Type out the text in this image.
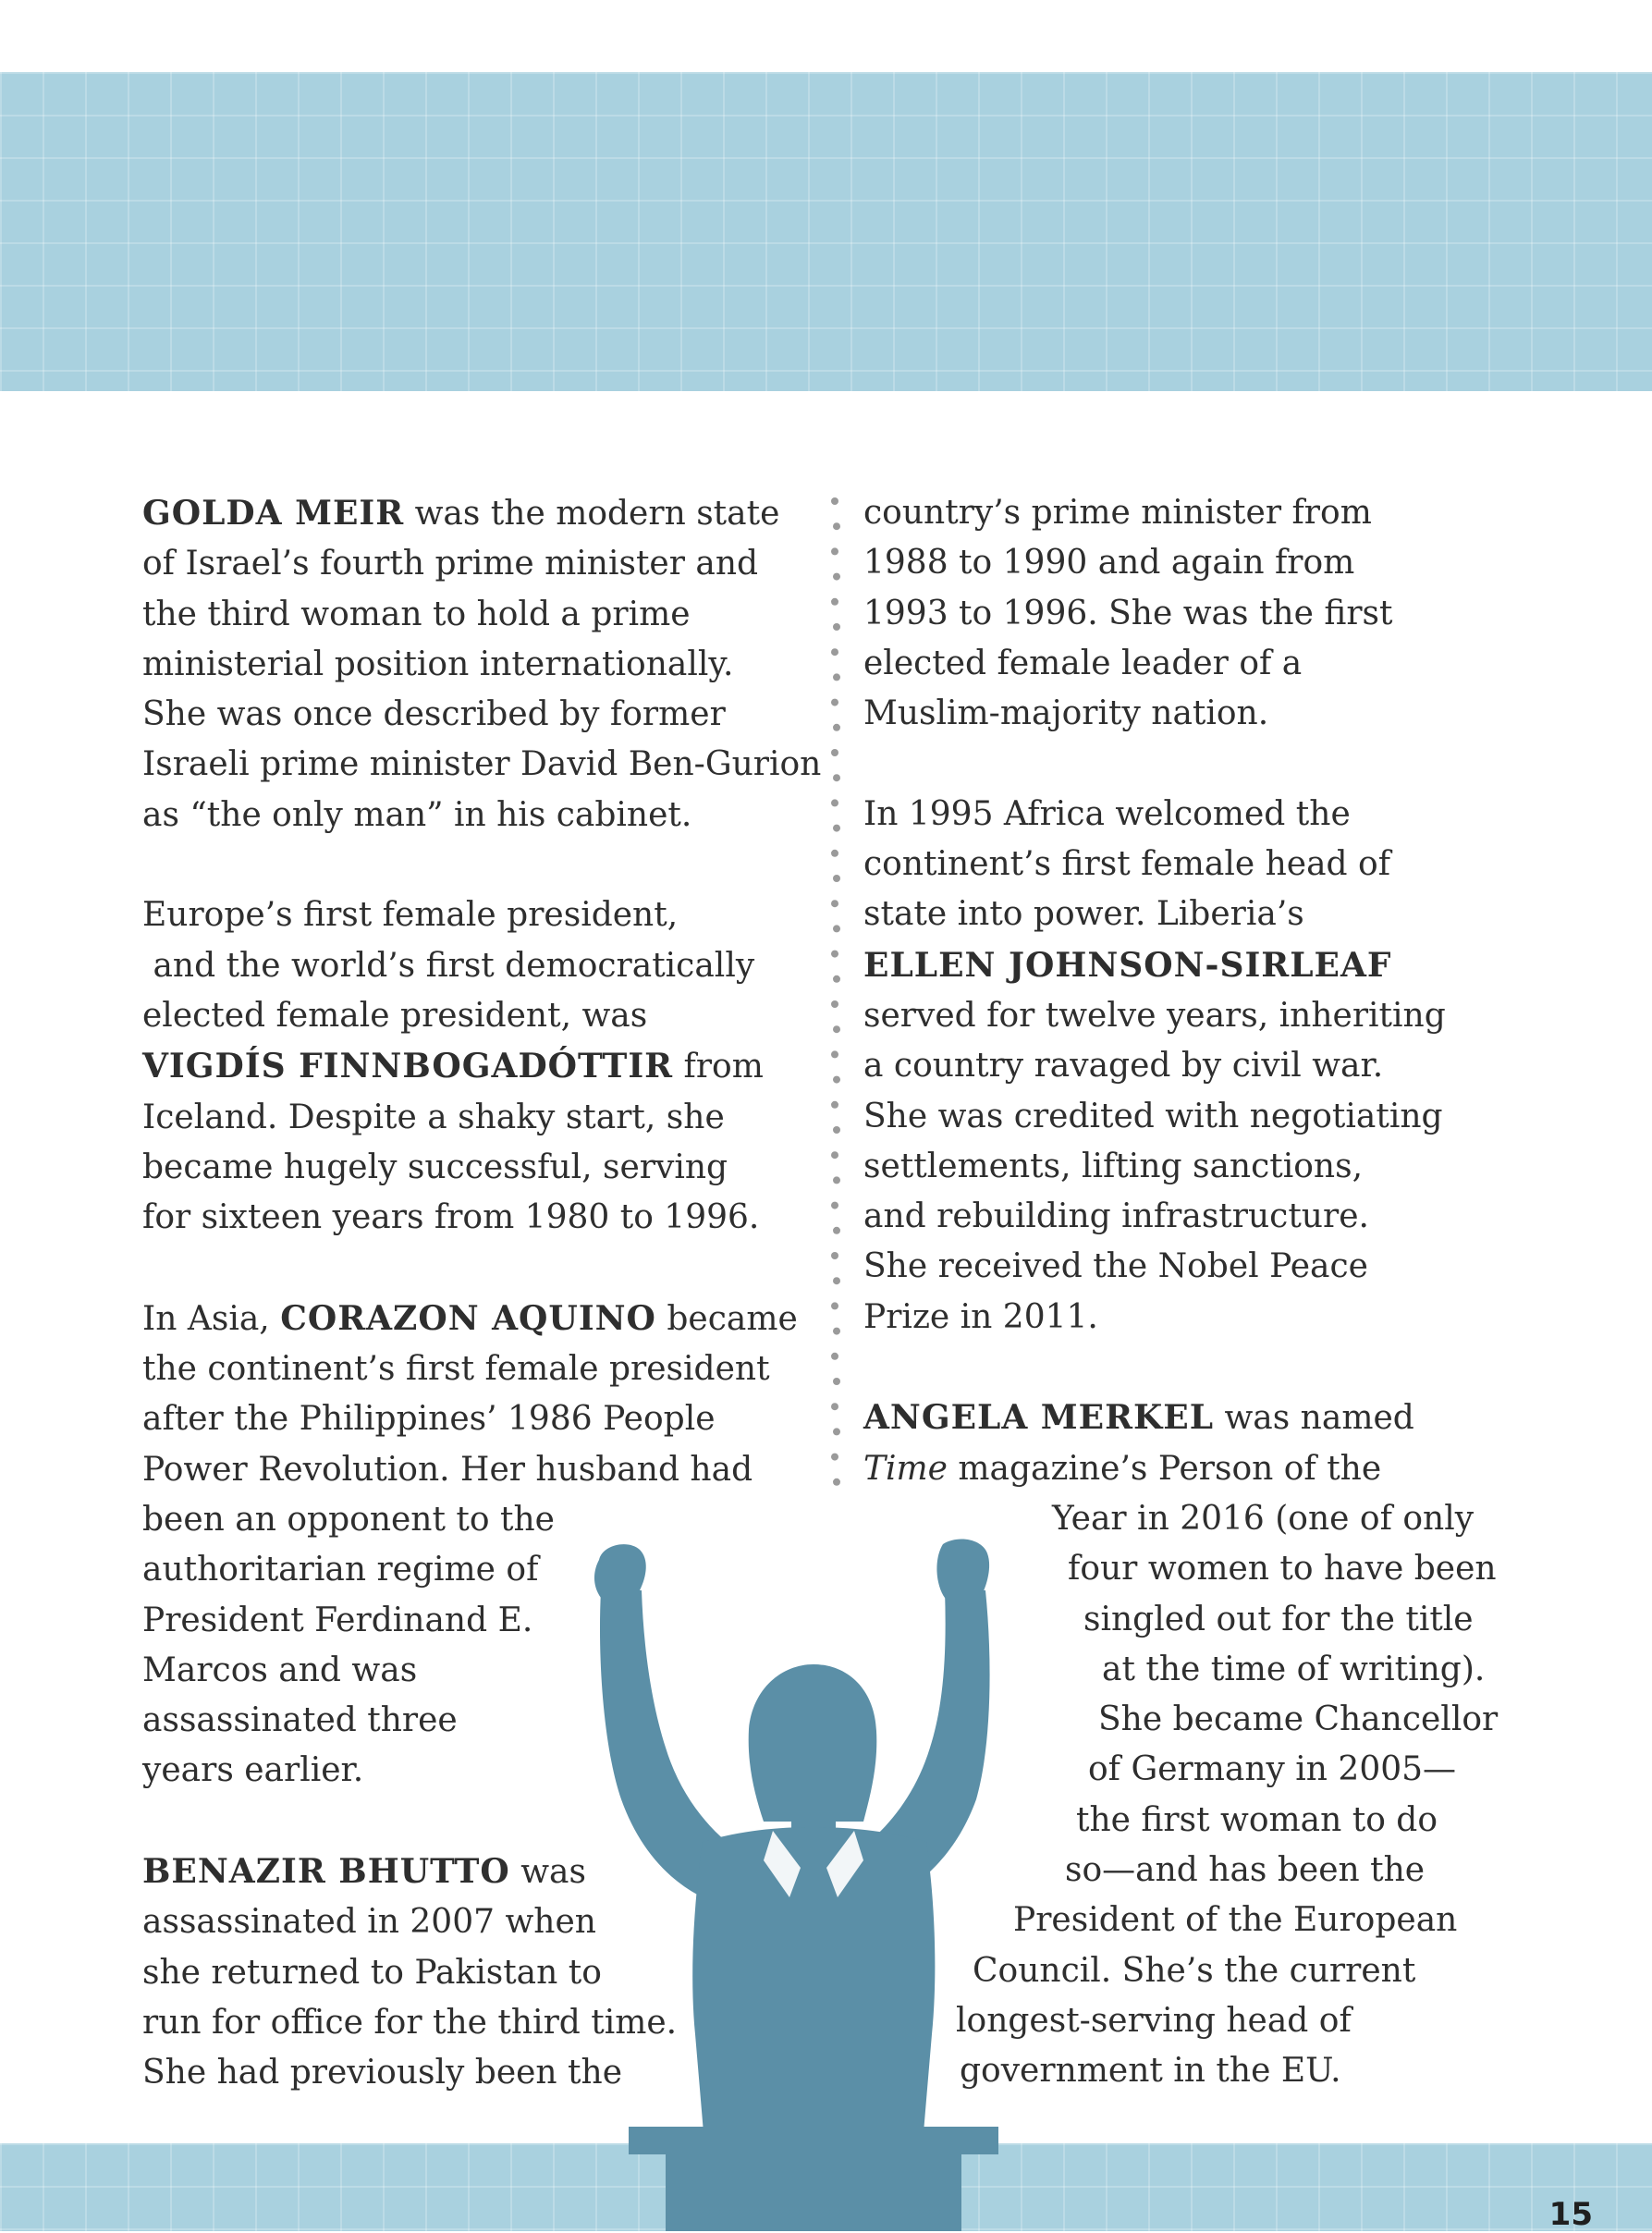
GOLDA MEIR was the modern state
of Israel’s fourth prime minister and
the third woman to hold a prime
ministerial position internationally.
She was once described by former
Israeli prime minister David Ben-Gurion
as “the only man” in his cabinet.

Europe’s first female president,
and the world’s first democratically
elected female president, was
VIGDÍS FINNBOGADÓTTIR from
Iceland. Despite a shaky start, she
became hugely successful, serving
for sixteen years from 1980 to 1996.

In Asia, CORAZON AQUINO became
the continent’s first female president
after the Philippines’ 1986 People
Power Revolution. Her husband had
been an opponent to the
authoritarian regime of
President Ferdinand E.
Marcos and was
assassinated three
years earlier.

BENAZIR BHUTTO was
assassinated in 2007 when
she returned to Pakistan to
run for office for the third time.
She had previously been the

country’s prime minister from
1988 to 1990 and again from
1993 to 1996. She was the first
elected female leader of a
Muslim-majority nation.

In 1995 Africa welcomed the
continent’s first female head of
state into power. Liberia’s
ELLEN JOHNSON-SIRLEAF
served for twelve years, inheriting
a country ravaged by civil war.
She was credited with negotiating
settlements, lifting sanctions,
and rebuilding infrastructure.
She received the Nobel Peace
Prize in 2011.

ANGELA MERKEL was named
Time magazine’s Person of the
Year in 2016 (one of only
four women to have been
singled out for the title
at the time of writing).
She became Chancellor
of Germany in 2005—
the first woman to do
so—and has been the
President of the European
Council. She’s the current
longest-serving head of
government in the EU.

15
